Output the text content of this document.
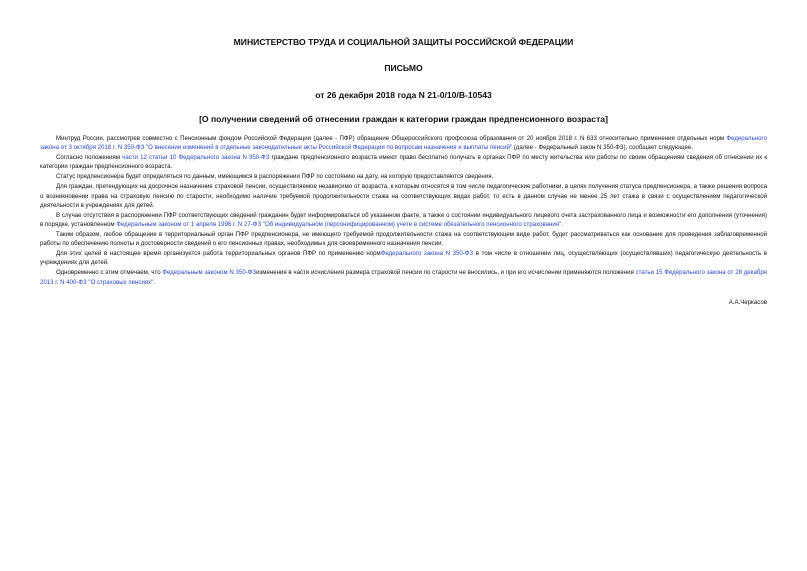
МИНИСТЕРСТВО ТРУДА И СОЦИАЛЬНОЙ ЗАЩИТЫ РОССИЙСКОЙ ФЕДЕРАЦИИ
ПИСЬМО
от 26 декабря 2018 года N 21-0/10/В-10543
[О получении сведений об отнесении граждан к категории граждан предпенсионного возраста]

Минтруд России, рассмотрев совместно с Пенсионным фондом Российской Федерации (далее - ПФР) обращение Общероссийского профсоюза образования от 20 ноября 2018 г. N 633 относительно применения отдельных норм Федерального закона от 3 октября 2018 г. N 350-ФЗ "О внесении изменений в отдельные законодательные акты Российской Федерации по вопросам назначения и выплаты пенсий" (далее - Федеральный закон N 350-ФЗ), сообщает следующее.

Согласно положениям части 12 статьи 10 Федерального закона N 350-ФЗ граждане предпенсионного возраста имеют право бесплатно получать в органах ПФР по месту жительства или работы по своим обращениям сведения об отнесении их к категории граждан предпенсионного возраста.

Статус предпенсионера будет определяться по данным, имеющимся в распоряжении ПФР по состоянию на дату, на которую предоставляются сведения.

Для граждан, претендующих на досрочное назначение страховой пенсии, осуществляемое независимо от возраста, к которым относятся в том числе педагогические работники, в целях получения статуса предпенсионера, а также решения вопроса о возникновении права на страховую пенсию по старости, необходимо наличие требуемой продолжительности стажа на соответствующих видах работ, то есть в данном случае не менее 25 лет стажа в связи с осуществлением педагогической деятельности в учреждениях для детей.

В случае отсутствия в распоряжении ПФР соответствующих сведений гражданин будет информироваться об указанном факте, а также о состоянии индивидуального лицевого счета застрахованного лица и возможности его дополнения (уточнения) в порядке, установленном Федеральным законом от 1 апреля 1996 г. N 27-ФЗ "Об индивидуальном (персонифицированном) учете в системе обязательного пенсионного страхования".

Таким образом, любое обращение в территориальный орган ПФР предпенсионера, не имеющего требуемой продолжительности стажа на соответствующем виде работ, будет рассматриваться как основание для проведения заблаговременной работы по обеспечению полноты и достоверности сведений о его пенсионных правах, необходимых для своевременного назначения пенсии.

Для этих целей в настоящее время организуется работа территориальных органов ПФР по применению нормФедерального закона N 350-ФЗ в том числе в отношении лиц, осуществляющих (осуществлявших) педагогическую деятельность в учреждениях для детей.

Одновременно с этим отмечаем, что Федеральным законом N 350-ФЗизменения в части исчисления размера страховой пенсии по старости не вносились, и при его исчислении применяются положения статьи 15 Федерального закона от 28 декабря 2013 г. N 400-ФЗ "О страховых пенсиях".

А.А.Черкасов
